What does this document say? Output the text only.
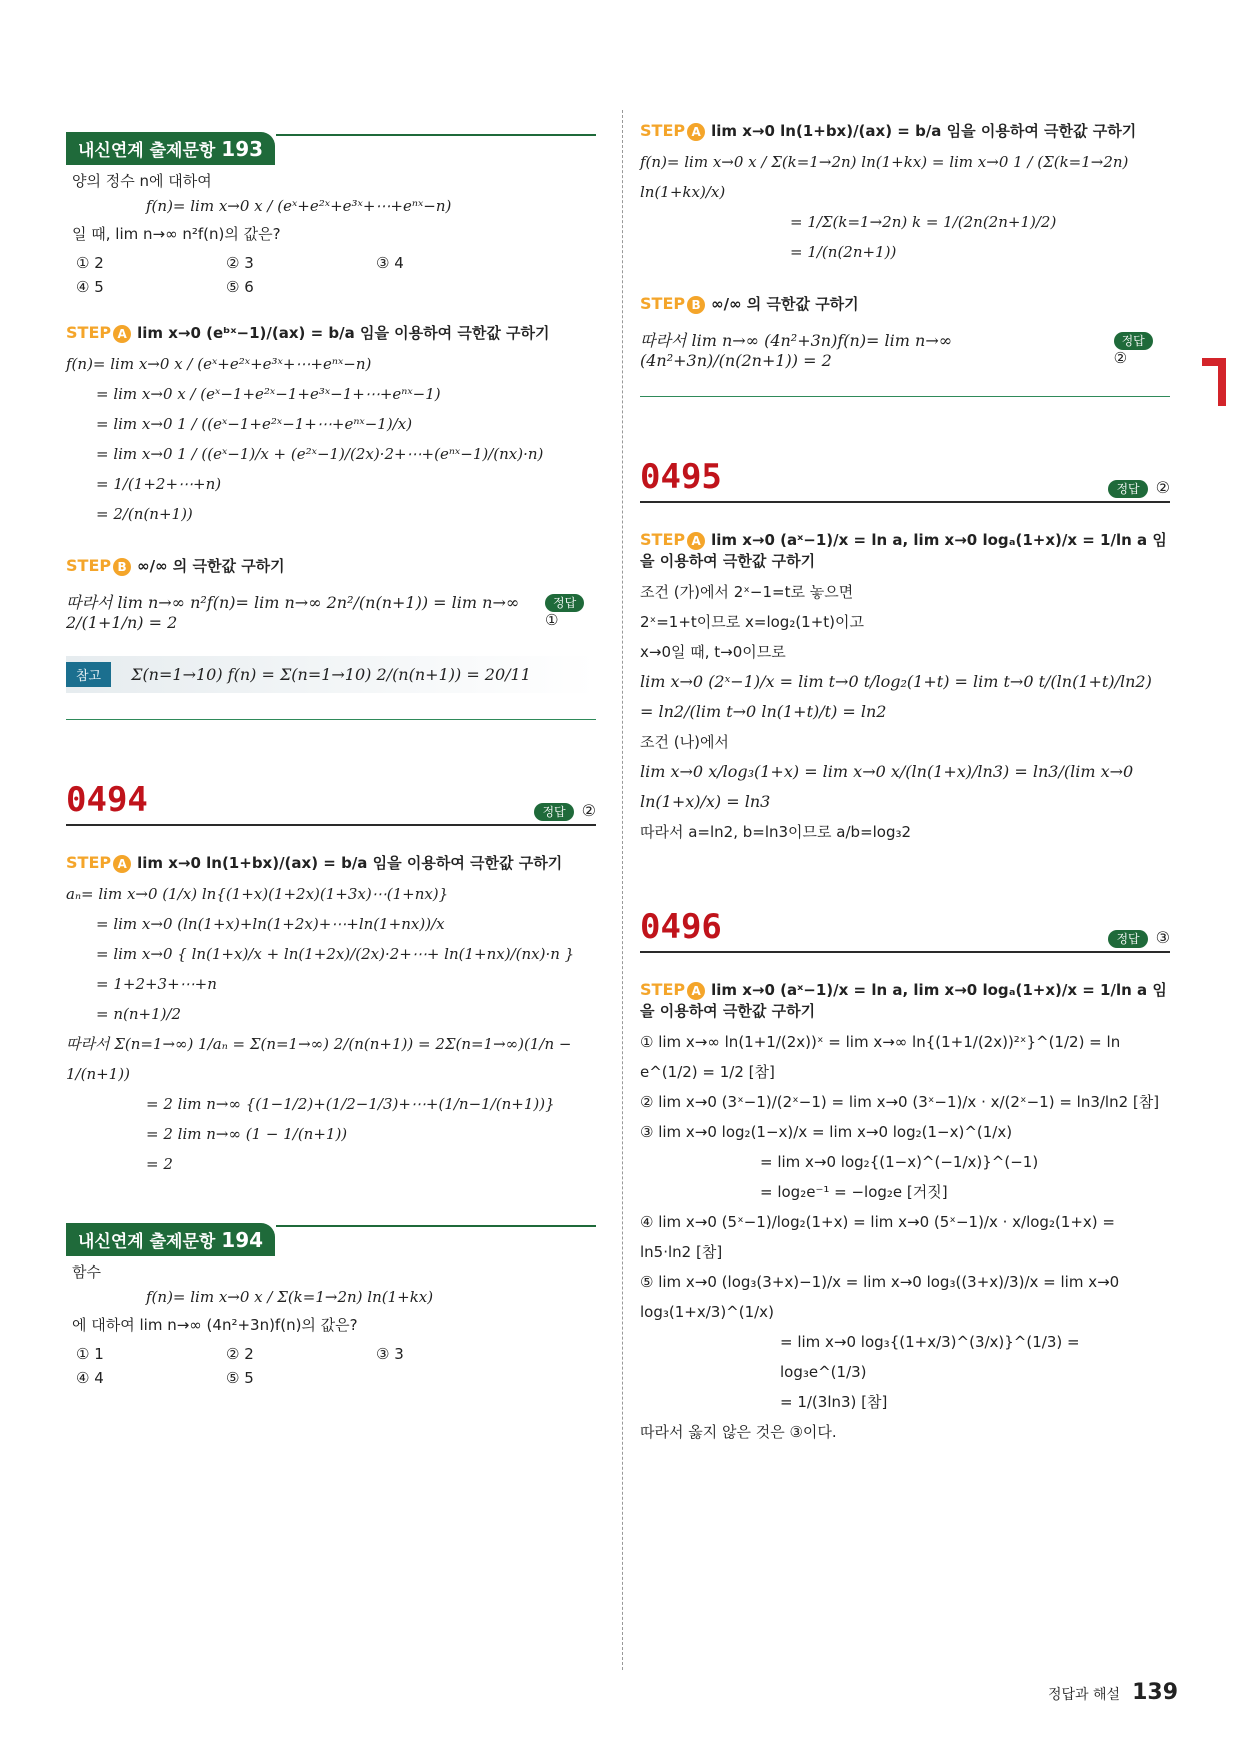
내신연계 출제문항 193
양의 정수 n에 대하여
f(n)= lim x→0 x / (eˣ+e²ˣ+e³ˣ+⋯+eⁿˣ−n)
일 때, lim n→∞ n²f(n)의 값은?
① 2	② 3	③ 4
④ 5	⑤ 6
STEP A lim x→0 (eᵇˣ−1)/(ax) = b/a 임을 이용하여 극한값 구하기
f(n)= lim x→0 x / (eˣ+e²ˣ+e³ˣ+⋯+eⁿˣ−n)
= lim x→0 x / (eˣ−1+e²ˣ−1+e³ˣ−1+⋯+eⁿˣ−1)
= lim x→0 1 / ((eˣ−1+e²ˣ−1+⋯+eⁿˣ−1)/x)
= lim x→0 1 / ((eˣ−1)/x + (e²ˣ−1)/(2x)·2+⋯+(eⁿˣ−1)/(nx)·n)
= 1/(1+2+⋯+n)
= 2/(n(n+1))
STEP B ∞/∞ 의 극한값 구하기
따라서 lim n→∞ n²f(n)= lim n→∞ 2n²/(n(n+1)) = lim n→∞ 2/(1+1/n) = 2
정답①
참고 Σ(n=1→10) f(n) = Σ(n=1→10) 2/(n(n+1)) = 20/11
0494	정답 ②
STEP A lim x→0 ln(1+bx)/(ax) = b/a 임을 이용하여 극한값 구하기
aₙ= lim x→0 (1/x) ln{(1+x)(1+2x)(1+3x)⋯(1+nx)}
= lim x→0 (ln(1+x)+ln(1+2x)+⋯+ln(1+nx))/x
= lim x→0 { ln(1+x)/x + ln(1+2x)/(2x)·2+⋯+ ln(1+nx)/(nx)·n }
= 1+2+3+⋯+n
= n(n+1)/2
따라서 Σ(n=1→∞) 1/aₙ = Σ(n=1→∞) 2/(n(n+1)) = 2Σ(n=1→∞)(1/n − 1/(n+1))
= 2 lim n→∞ {(1−1/2)+(1/2−1/3)+⋯+(1/n−1/(n+1))}
= 2 lim n→∞ (1 − 1/(n+1))
= 2
내신연계 출제문항 194
함수
f(n)= lim x→0 x / Σ(k=1→2n) ln(1+kx)
에 대하여 lim n→∞ (4n²+3n)f(n)의 값은?
① 1	② 2	③ 3
④ 4	⑤ 5
STEP A lim x→0 ln(1+bx)/(ax) = b/a 임을 이용하여 극한값 구하기
f(n)= lim x→0 x / Σ(k=1→2n) ln(1+kx) = lim x→0 1 / (Σ(k=1→2n) ln(1+kx)/x)
= 1/Σ(k=1→2n) k = 1/(2n(2n+1)/2)
= 1/(n(2n+1))
STEP B ∞/∞ 의 극한값 구하기
따라서 lim n→∞ (4n²+3n)f(n)= lim n→∞ (4n²+3n)/(n(2n+1)) = 2
정답②
0495	정답 ②
STEP A lim x→0 (aˣ−1)/x = ln a, lim x→0 logₐ(1+x)/x = 1/ln a 임을 이용하여 극한값 구하기
조건 (가)에서 2ˣ−1=t로 놓으면
2ˣ=1+t이므로 x=log₂(1+t)이고
x→0일 때, t→0이므로
lim x→0 (2ˣ−1)/x = lim t→0 t/log₂(1+t) = lim t→0 t/(ln(1+t)/ln2) = ln2/(lim t→0 ln(1+t)/t) = ln2
조건 (나)에서
lim x→0 x/log₃(1+x) = lim x→0 x/(ln(1+x)/ln3) = ln3/(lim x→0 ln(1+x)/x) = ln3
따라서 a=ln2, b=ln3이므로 a/b=log₃2
0496	정답 ③
STEP A lim x→0 (aˣ−1)/x = ln a, lim x→0 logₐ(1+x)/x = 1/ln a 임을 이용하여 극한값 구하기
① lim x→∞ ln(1+1/(2x))ˣ = lim x→∞ ln{(1+1/(2x))²ˣ}^(1/2) = ln e^(1/2) = 1/2 [참]
② lim x→0 (3ˣ−1)/(2ˣ−1) = lim x→0 (3ˣ−1)/x · x/(2ˣ−1) = ln3/ln2 [참]
③ lim x→0 log₂(1−x)/x = lim x→0 log₂(1−x)^(1/x)
= lim x→0 log₂{(1−x)^(−1/x)}^(−1)
= log₂e⁻¹ = −log₂e [거짓]
④ lim x→0 (5ˣ−1)/log₂(1+x) = lim x→0 (5ˣ−1)/x · x/log₂(1+x) = ln5·ln2 [참]
⑤ lim x→0 (log₃(3+x)−1)/x = lim x→0 log₃((3+x)/3)/x = lim x→0 log₃(1+x/3)^(1/x)
= lim x→0 log₃{(1+x/3)^(3/x)}^(1/3) = log₃e^(1/3)
= 1/(3ln3) [참]
따라서 옳지 않은 것은 ③이다.
정답과 해설 139
